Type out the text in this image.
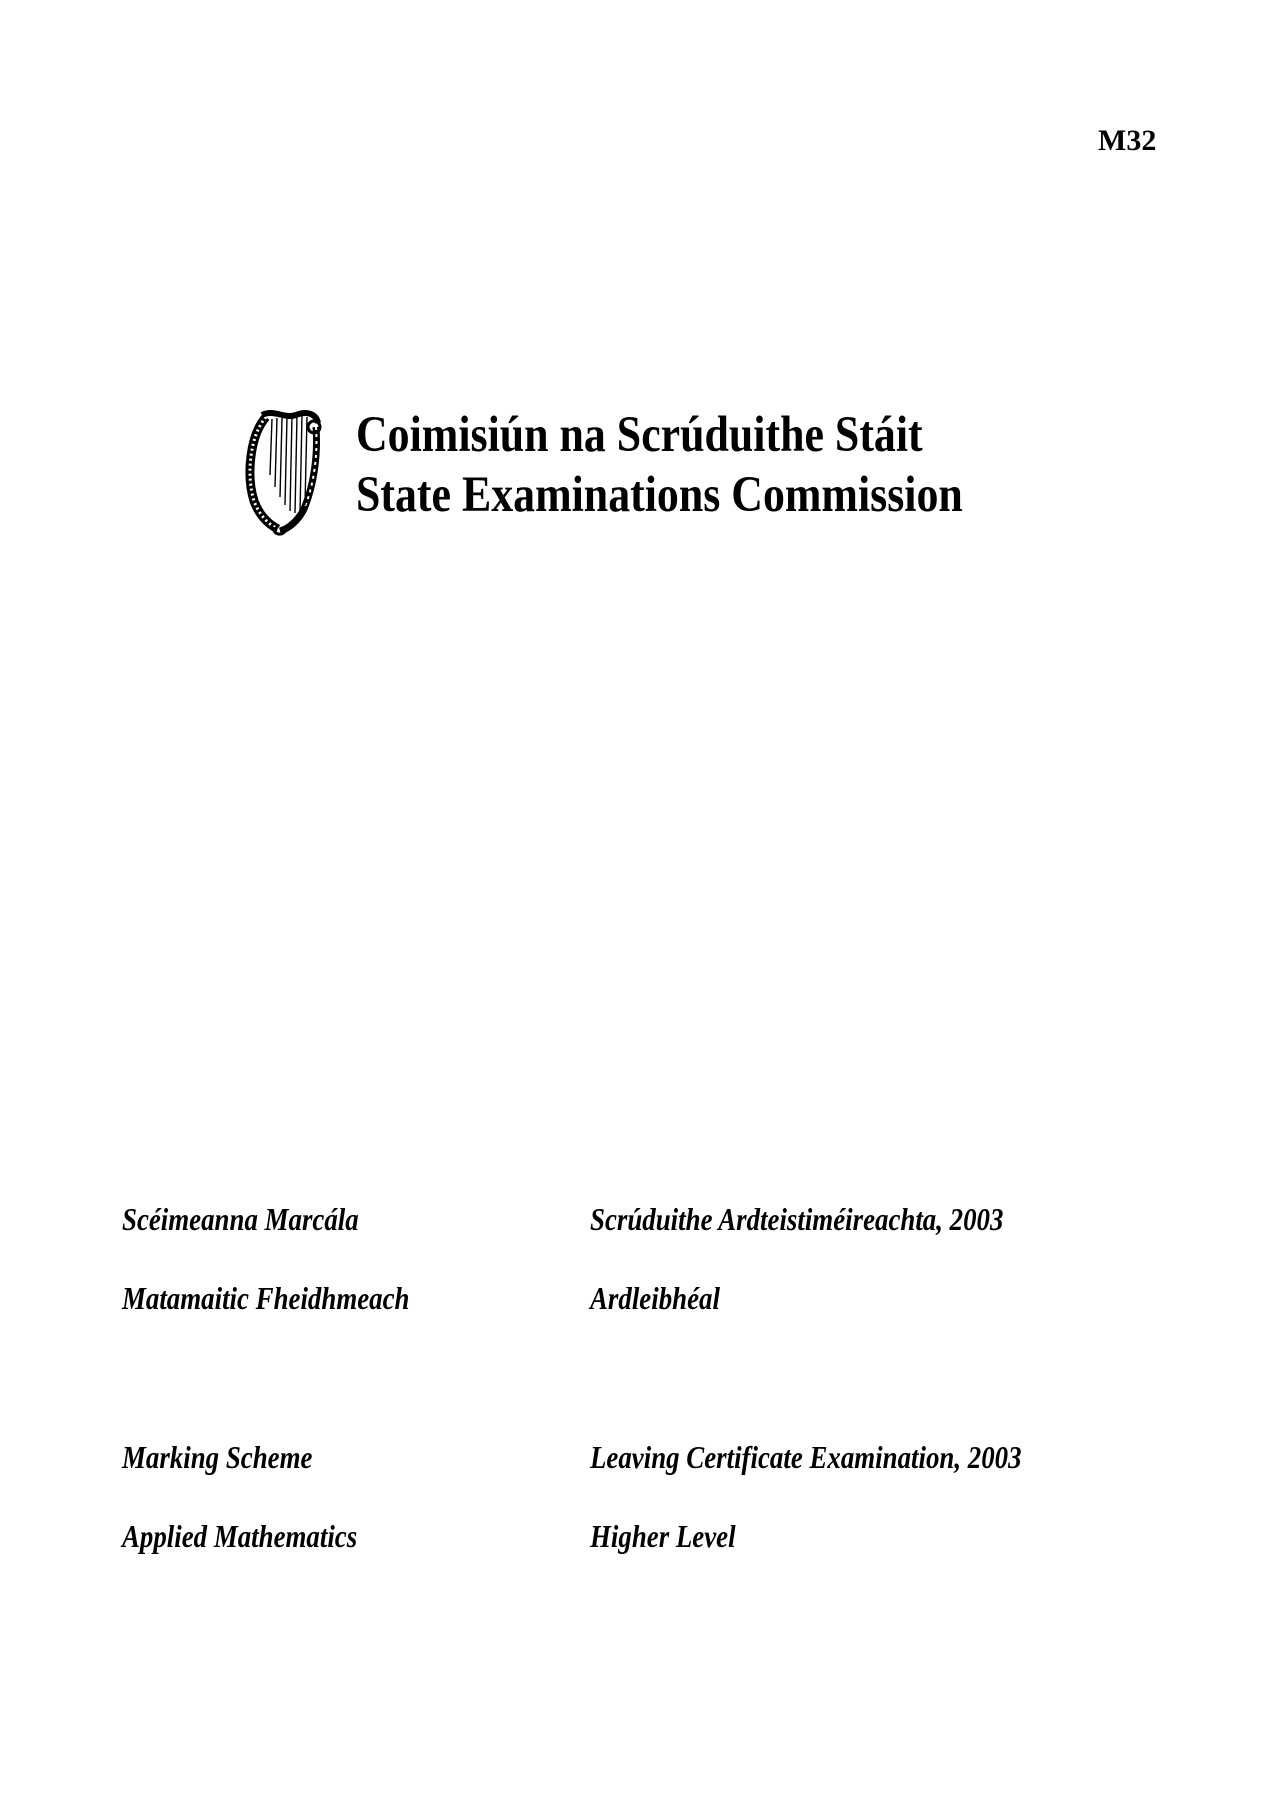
M32
Coimisiún na Scrúduithe Stáit
State Examinations Commission
Scéimeanna Marcála	Scrúduithe Ardteistiméireachta, 2003
Matamaitic Fheidhmeach	Ardleibhéal
Marking Scheme	Leaving Certificate Examination, 2003
Applied Mathematics	Higher Level
